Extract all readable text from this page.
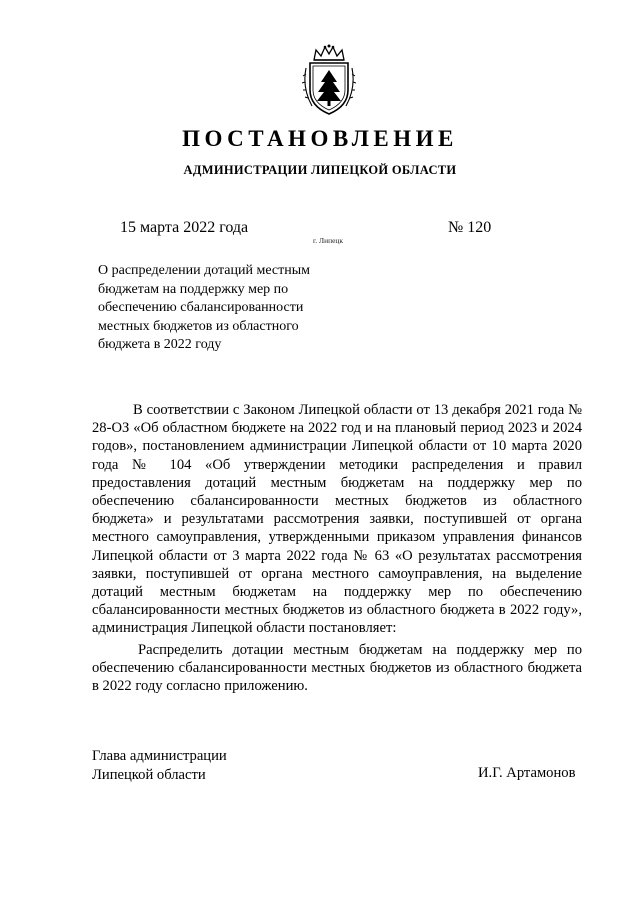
ПОСТАНОВЛЕНИЕ
АДМИНИСТРАЦИИ ЛИПЕЦКОЙ ОБЛАСТИ
15 марта 2022 года
г. Липецк
№ 120
О распределении дотаций местным
бюджетам на поддержку мер по
обеспечению сбалансированности
местных бюджетов из областного
бюджета в 2022 году
В соответствии с Законом Липецкой области от 13 декабря 2021 года № 28-ОЗ «Об областном бюджете на 2022 год и на плановый период 2023 и 2024 годов», постановлением администрации Липецкой области от 10 марта 2020 года № 104 «Об утверждении методики распределения и правил предоставления дотаций местным бюджетам на поддержку мер по обеспечению сбалансированности местных бюджетов из областного бюджета» и результатами рассмотрения заявки, поступившей от органа местного самоуправления, утвержденными приказом управления финансов Липецкой области от 3 марта 2022 года № 63 «О результатах рассмотрения заявки, поступившей от органа местного самоуправления, на выделение дотаций местным бюджетам на поддержку мер по обеспечению сбалансированности местных бюджетов из областного бюджета в 2022 году», администрация Липецкой области постановляет:
Распределить дотации местным бюджетам на поддержку мер по обеспечению сбалансированности местных бюджетов из областного бюджета в 2022 году согласно приложению.
Глава администрации
Липецкой области	И.Г. Артамонов
